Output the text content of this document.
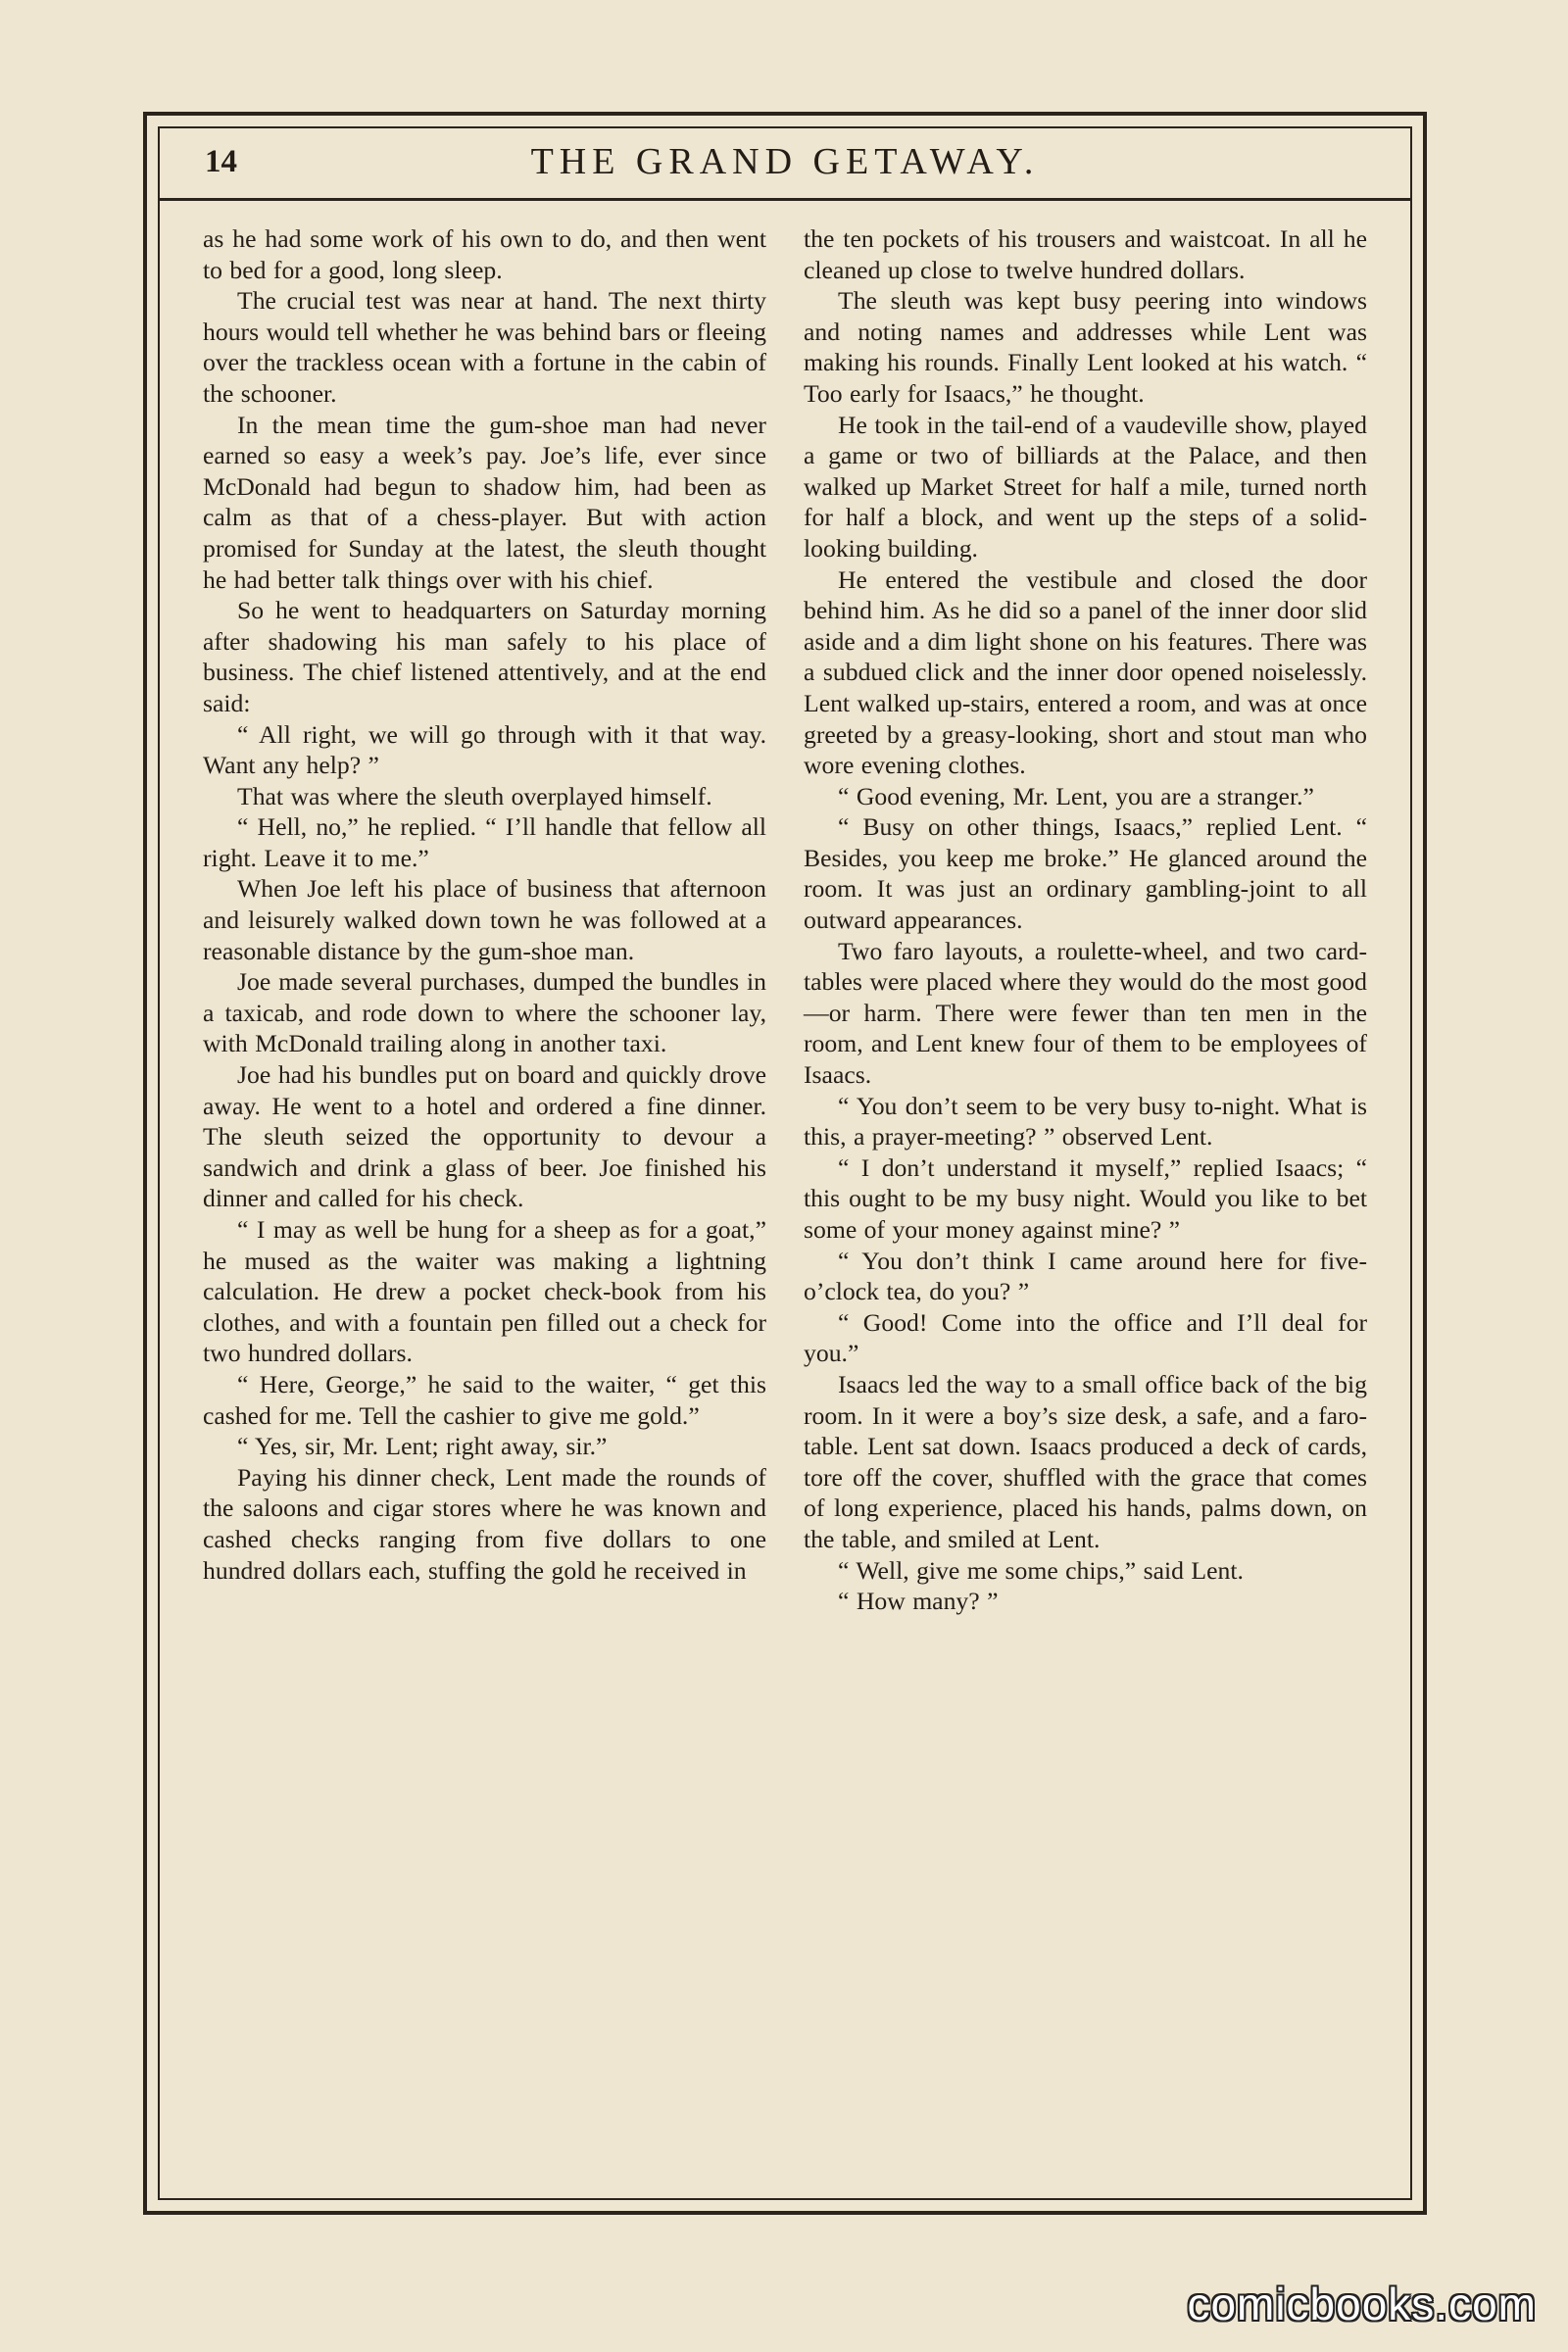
14	THE GRAND GETAWAY.

as he had some work of his own to do, and then went to bed for a good, long sleep.

The crucial test was near at hand. The next thirty hours would tell whether he was behind bars or fleeing over the trackless ocean with a fortune in the cabin of the schooner.

In the mean time the gum-shoe man had never earned so easy a week’s pay. Joe’s life, ever since McDonald had begun to shadow him, had been as calm as that of a chess-player. But with action promised for Sunday at the latest, the sleuth thought he had better talk things over with his chief.

So he went to headquarters on Saturday morning after shadowing his man safely to his place of business. The chief listened attentively, and at the end said:

“ All right, we will go through with it that way. Want any help? ”

That was where the sleuth overplayed himself.

“ Hell, no,” he replied. “ I’ll handle that fellow all right. Leave it to me.”

When Joe left his place of business that afternoon and leisurely walked down town he was followed at a reasonable distance by the gum-shoe man.

Joe made several purchases, dumped the bundles in a taxicab, and rode down to where the schooner lay, with McDonald trailing along in another taxi.

Joe had his bundles put on board and quickly drove away. He went to a hotel and ordered a fine dinner. The sleuth seized the opportunity to devour a sandwich and drink a glass of beer. Joe finished his dinner and called for his check.

“ I may as well be hung for a sheep as for a goat,” he mused as the waiter was making a lightning calculation. He drew a pocket check-book from his clothes, and with a fountain pen filled out a check for two hundred dollars.

“ Here, George,” he said to the waiter, “ get this cashed for me. Tell the cashier to give me gold.”

“ Yes, sir, Mr. Lent; right away, sir.”

Paying his dinner check, Lent made the rounds of the saloons and cigar stores where he was known and cashed checks ranging from five dollars to one hundred dollars each, stuffing the gold he received in

the ten pockets of his trousers and waistcoat. In all he cleaned up close to twelve hundred dollars.

The sleuth was kept busy peering into windows and noting names and addresses while Lent was making his rounds. Finally Lent looked at his watch. “ Too early for Isaacs,” he thought.

He took in the tail-end of a vaudeville show, played a game or two of billiards at the Palace, and then walked up Market Street for half a mile, turned north for half a block, and went up the steps of a solid-looking building.

He entered the vestibule and closed the door behind him. As he did so a panel of the inner door slid aside and a dim light shone on his features. There was a subdued click and the inner door opened noiselessly. Lent walked up-stairs, entered a room, and was at once greeted by a greasy-looking, short and stout man who wore evening clothes.

“ Good evening, Mr. Lent, you are a stranger.”

“ Busy on other things, Isaacs,” replied Lent. “ Besides, you keep me broke.” He glanced around the room. It was just an ordinary gambling-joint to all outward appearances.

Two faro layouts, a roulette-wheel, and two card-tables were placed where they would do the most good—or harm. There were fewer than ten men in the room, and Lent knew four of them to be employees of Isaacs.

“ You don’t seem to be very busy to-night. What is this, a prayer-meeting? ” observed Lent.

“ I don’t understand it myself,” replied Isaacs; “ this ought to be my busy night. Would you like to bet some of your money against mine? ”

“ You don’t think I came around here for five-o’clock tea, do you? ”

“ Good! Come into the office and I’ll deal for you.”

Isaacs led the way to a small office back of the big room. In it were a boy’s size desk, a safe, and a faro-table. Lent sat down. Isaacs produced a deck of cards, tore off the cover, shuffled with the grace that comes of long experience, placed his hands, palms down, on the table, and smiled at Lent.

“ Well, give me some chips,” said Lent.

“ How many? ”

comicbooks.com
